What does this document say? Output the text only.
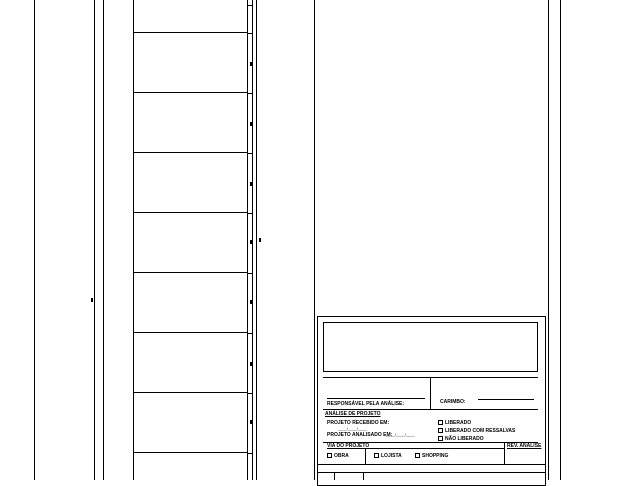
RESPONSÁVEL PELA ANÁLISE:	CARIMBO:
ANÁLISE DE PROJETO
PROJETO RECEBIDO EM:
____/____/____
PROJETO ANALISADO EM:
____/____/____
LIBERADO
LIBERADO COM RESSALVAS
NÃO LIBERADO
VIA DO PROJETO	REV. ANÁLISE
OBRA	LOJISTA	SHOPPING
